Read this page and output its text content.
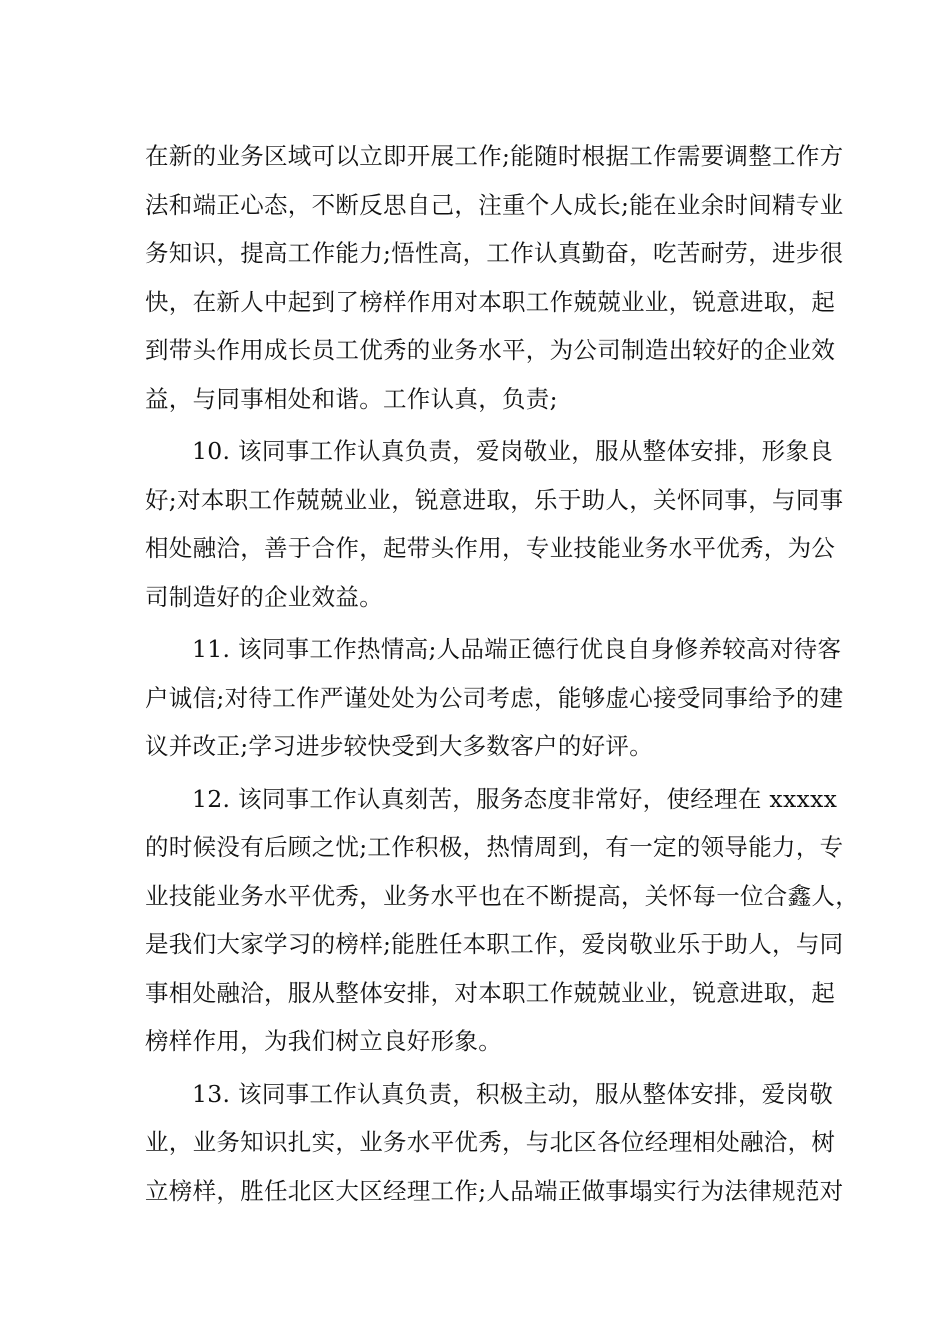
在新的业务区域可以立即开展工作;能随时根据工作需要调整工作方
法和端正心态，不断反思自己，注重个人成长;能在业余时间精专业
务知识，提高工作能力;悟性高，工作认真勤奋，吃苦耐劳，进步很
快，在新人中起到了榜样作用对本职工作兢兢业业，锐意进取，起
到带头作用成长员工优秀的业务水平，为公司制造出较好的企业效
益，与同事相处和谐。工作认真，负责;

10. 该同事工作认真负责，爱岗敬业，服从整体安排，形象良
好;对本职工作兢兢业业，锐意进取，乐于助人，关怀同事，与同事
相处融洽，善于合作，起带头作用，专业技能业务水平优秀，为公
司制造好的企业效益。

11. 该同事工作热情高;人品端正德行优良自身修养较高对待客
户诚信;对待工作严谨处处为公司考虑，能够虚心接受同事给予的建
议并改正;学习进步较快受到大多数客户的好评。

12. 该同事工作认真刻苦，服务态度非常好，使经理在 xxxxx
的时候没有后顾之忧;工作积极，热情周到，有一定的领导能力，专
业技能业务水平优秀，业务水平也在不断提高，关怀每一位合鑫人，
是我们大家学习的榜样;能胜任本职工作，爱岗敬业乐于助人，与同
事相处融洽，服从整体安排，对本职工作兢兢业业，锐意进取，起
榜样作用，为我们树立良好形象。

13. 该同事工作认真负责，积极主动，服从整体安排，爱岗敬
业，业务知识扎实，业务水平优秀，与北区各位经理相处融洽，树
立榜样，胜任北区大区经理工作;人品端正做事塌实行为法律规范对
